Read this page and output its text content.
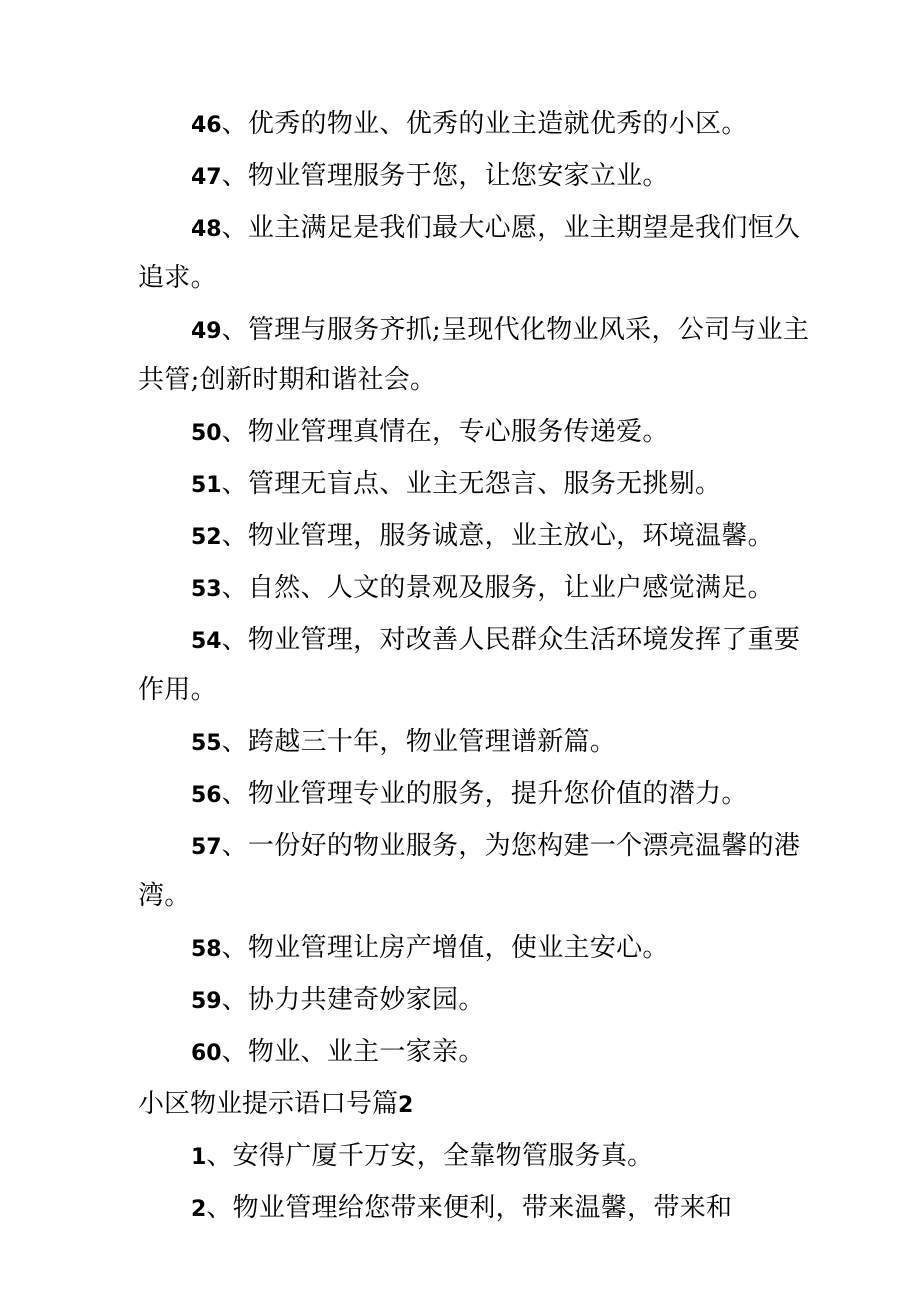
46、优秀的物业、优秀的业主造就优秀的小区。

47、物业管理服务于您，让您安家立业。

48、业主满足是我们最大心愿，业主期望是我们恒久追求。

49、管理与服务齐抓;呈现代化物业风采，公司与业主共管;创新时期和谐社会。

50、物业管理真情在，专心服务传递爱。

51、管理无盲点、业主无怨言、服务无挑剔。

52、物业管理，服务诚意，业主放心，环境温馨。

53、自然、人文的景观及服务，让业户感觉满足。

54、物业管理，对改善人民群众生活环境发挥了重要作用。

55、跨越三十年，物业管理谱新篇。

56、物业管理专业的服务，提升您价值的潜力。

57、一份好的物业服务，为您构建一个漂亮温馨的港湾。

58、物业管理让房产增值，使业主安心。

59、协力共建奇妙家园。

60、物业、业主一家亲。

小区物业提示语口号篇2

1、安得广厦千万安，全靠物管服务真。

2、物业管理给您带来便利，带来温馨，带来和
